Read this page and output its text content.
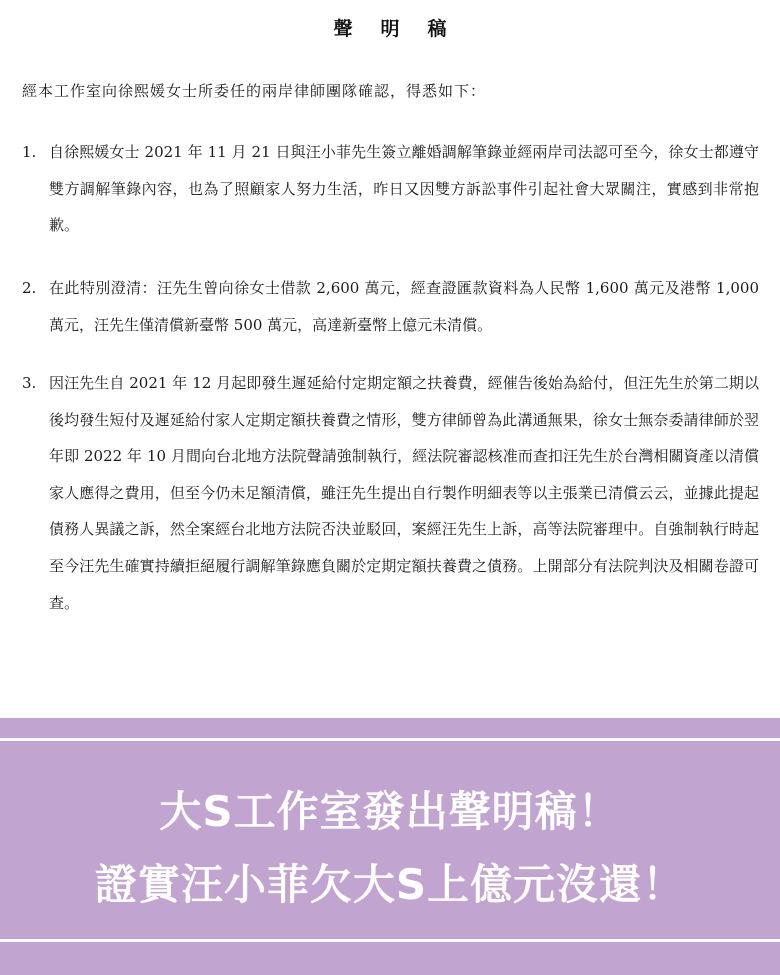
聲明稿
經本工作室向徐熙媛女士所委任的兩岸律師團隊確認，得悉如下：
1. 自徐熙媛女士 2021 年 11 月 21 日與汪小菲先生簽立離婚調解筆錄並經兩岸司法認可至今，徐女士都遵守雙方調解筆錄內容，也為了照顧家人努力生活，昨日又因雙方訴訟事件引起社會大眾關注，實感到非常抱歉。
2. 在此特別澄清：汪先生曾向徐女士借款 2,600 萬元，經查證匯款資料為人民幣 1,600 萬元及港幣 1,000 萬元，汪先生僅清償新臺幣 500 萬元，高達新臺幣上億元未清償。
3. 因汪先生自 2021 年 12 月起即發生遲延給付定期定額之扶養費，經催告後始為給付，但汪先生於第二期以後均發生短付及遲延給付家人定期定額扶養費之情形，雙方律師曾為此溝通無果，徐女士無奈委請律師於翌年即 2022 年 10 月間向台北地方法院聲請強制執行，經法院審認核准而查扣汪先生於台灣相關資產以清償家人應得之費用，但至今仍未足額清償，雖汪先生提出自行製作明細表等以主張業已清償云云，並據此提起債務人異議之訴，然全案經台北地方法院否決並駁回，案經汪先生上訴，高等法院審理中。自強制執行時起至今汪先生確實持續拒絕履行調解筆錄應負關於定期定額扶養費之債務。上開部分有法院判決及相關卷證可查。
大S工作室發出聲明稿！
證實汪小菲欠大S上億元沒還！
